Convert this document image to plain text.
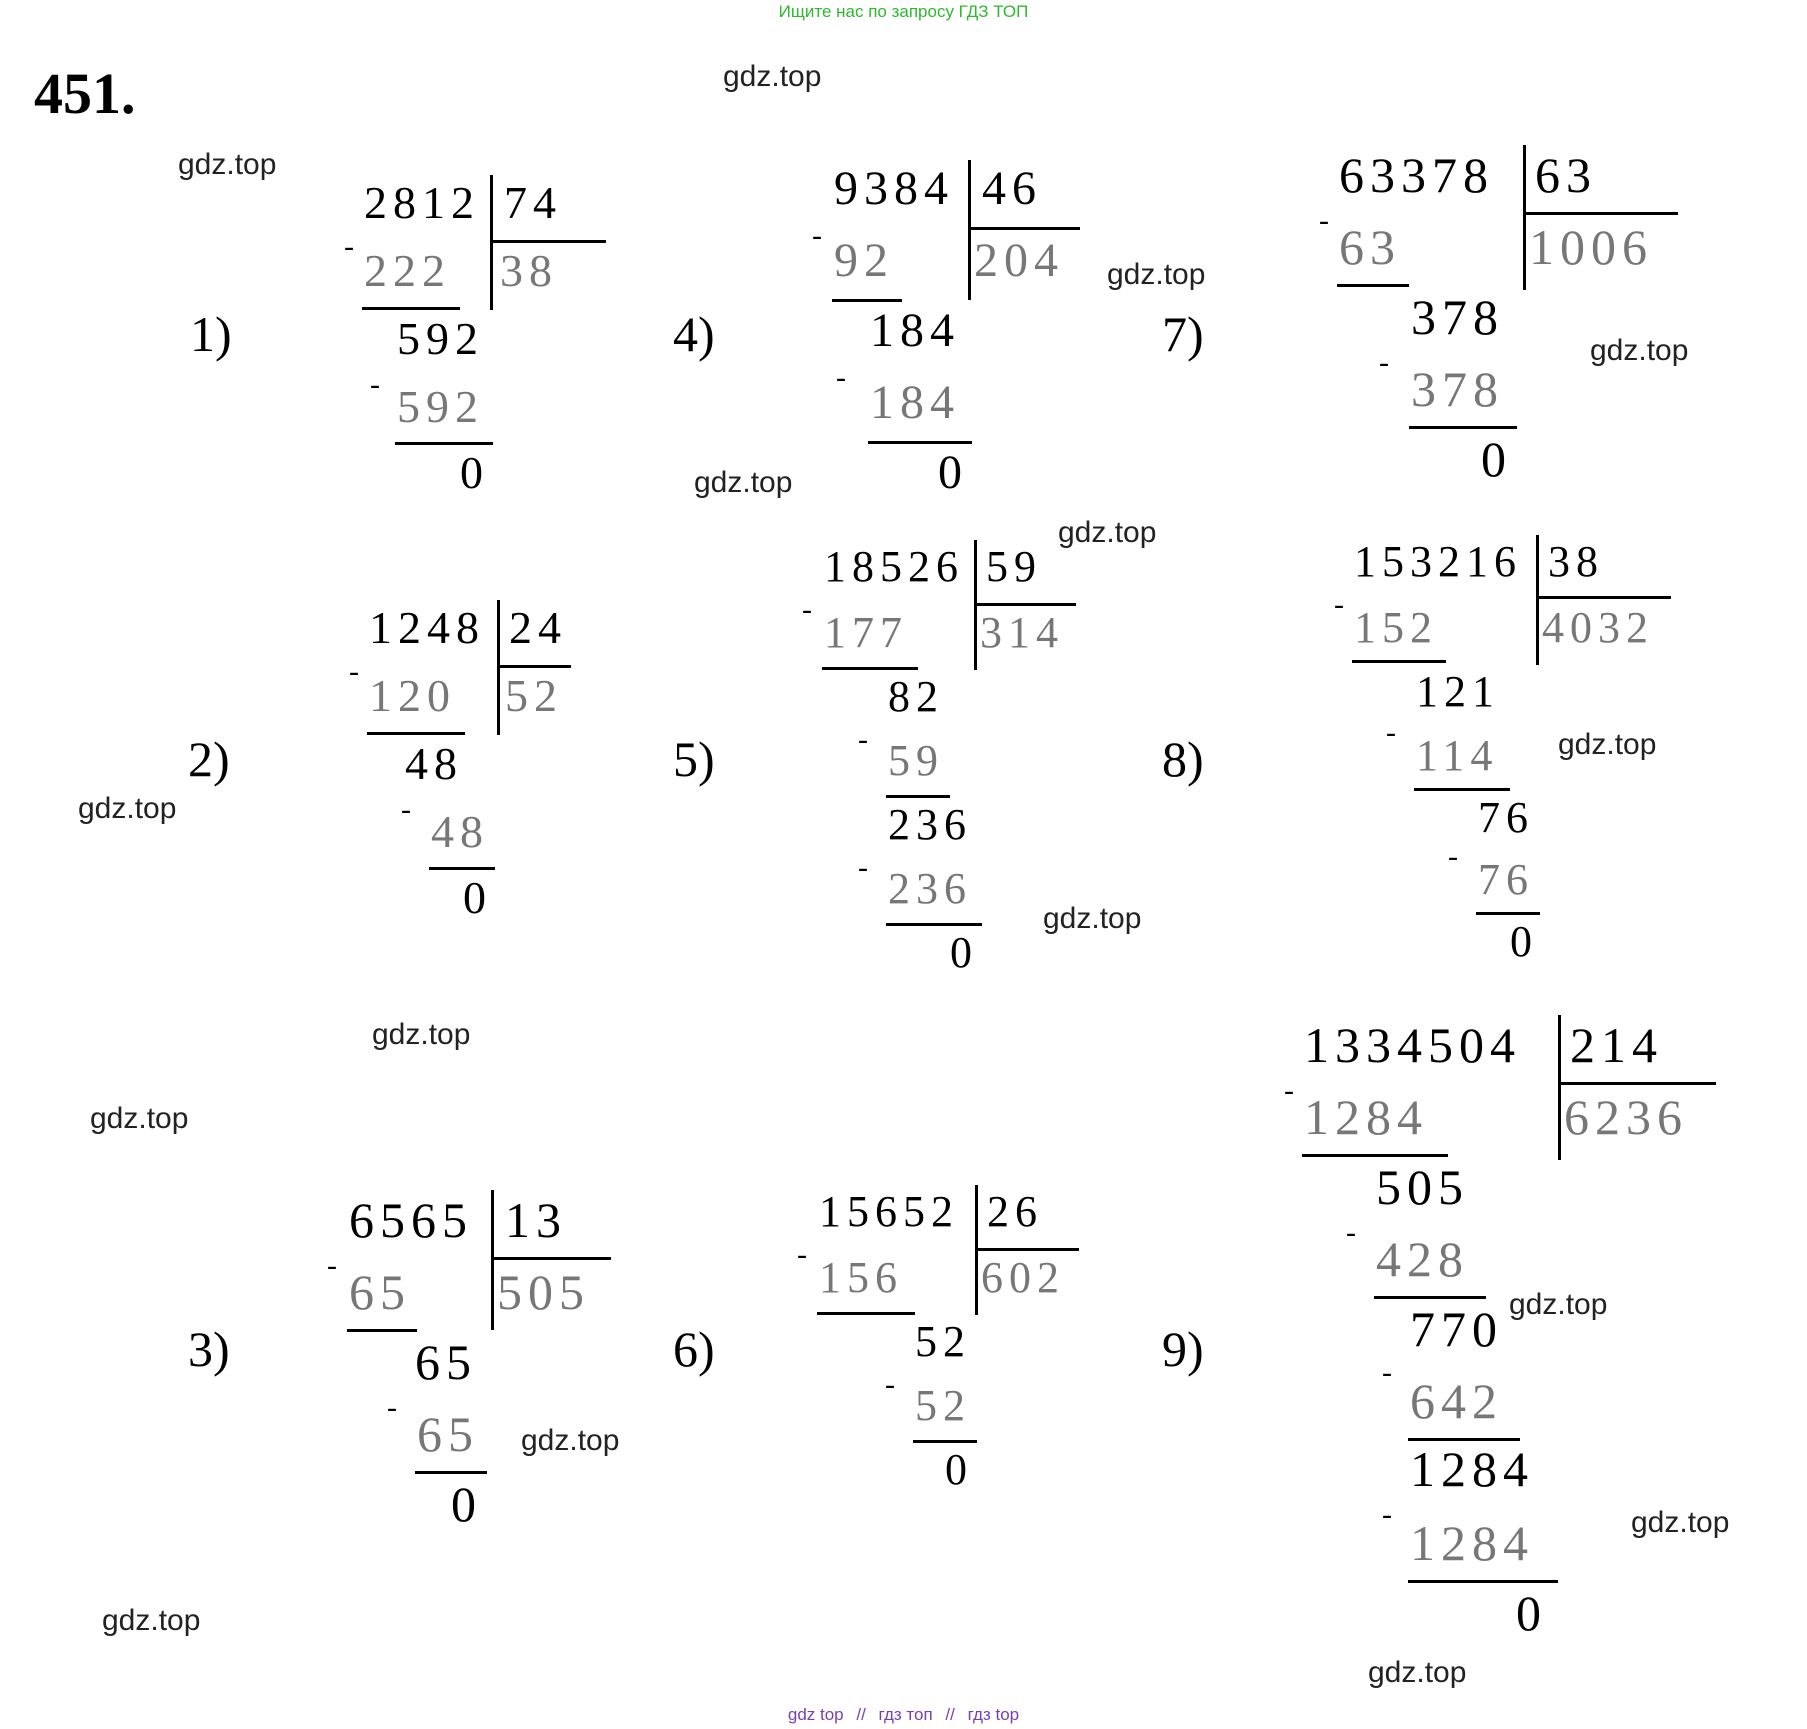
Ищите нас по запросу ГДЗ ТОП
451.	gdz.top
gdz.top
gdz.top
gdz.top
gdz.top
gdz.top
gdz.top
gdz.top
gdz.top
gdz.top
gdz.top
gdz.top
gdz.top
gdz.top
gdz.top
gdz.top
1)
2)
3)
4)
5)
6)
7)
8)
9)
2812 74
38
- 222
592
- 592
0
1248 24
52
- 120
48
- 48
0
6565 13
505
- 65
65
- 65
0
9384 46
204
- 92
184
- 184
0
18526 59
314
- 177
82
- 59
236
- 236
0
15652 26
602
- 156
52
- 52
0
63378 63
1006
- 63
378
- 378
0
153216 38
4032
- 152
121
- 114
76
- 76
0
1334504 214
6236
- 1284
505
- 428
770
-
642
1284
-
1284
0
gdz top // гдз топ // гдз top
